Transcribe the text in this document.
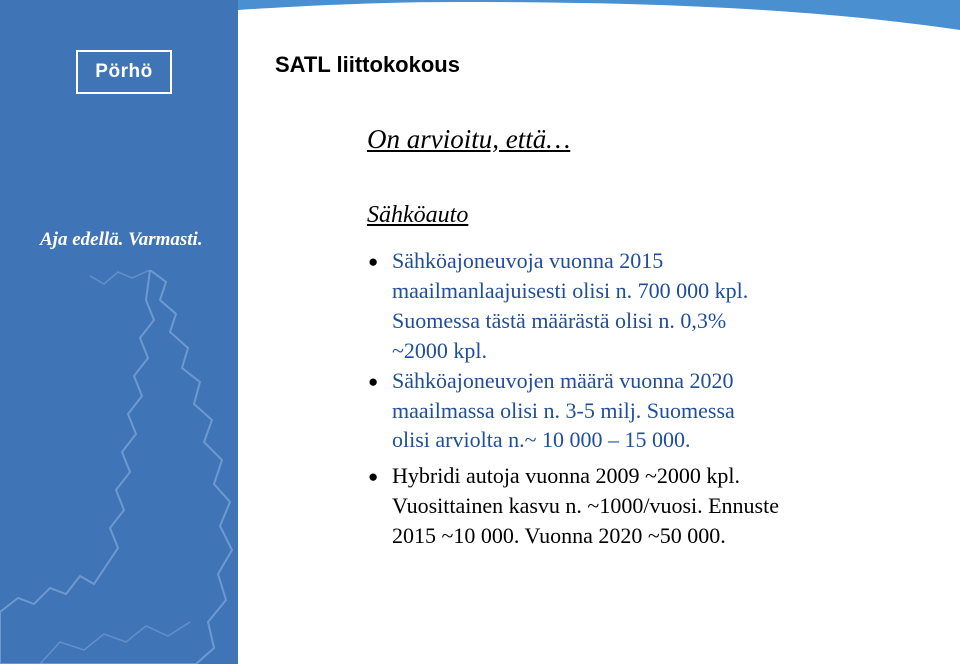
Pörhö
Aja edellä. Varmasti.
SATL liittokokous
On arvioitu, että…
Sähköauto
● Sähköajoneuvoja vuonna 2015
maailmanlaajuisesti olisi n. 700 000 kpl.
Suomessa tästä määrästä olisi n. 0,3%
~2000 kpl.
● Sähköajoneuvojen määrä vuonna 2020
maailmassa olisi n. 3-5 milj. Suomessa
olisi arviolta n.~ 10 000 – 15 000.
● Hybridi autoja vuonna 2009 ~2000 kpl.
Vuosittainen kasvu n. ~1000/vuosi. Ennuste
2015 ~10 000. Vuonna 2020 ~50 000.
